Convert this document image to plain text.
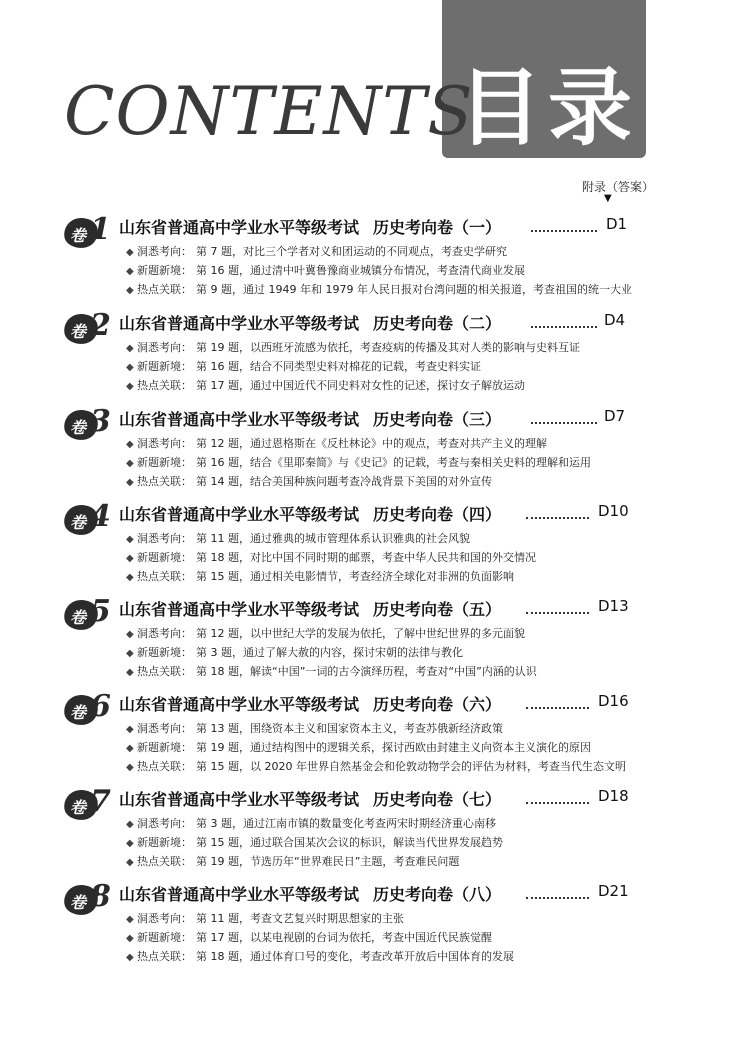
目录
CONTENTS
附录（答案）
▼
卷 1 山东省普通高中学业水平等级考试 历史考向卷（一）	D1
◆ 洞悉考向： 第 7 题，对比三个学者对义和团运动的不同观点，考查史学研究
◆ 新题新境： 第 16 题，通过清中叶冀鲁豫商业城镇分布情况，考查清代商业发展
◆ 热点关联： 第 9 题，通过 1949 年和 1979 年人民日报对台湾问题的相关报道，考查祖国的统一大业
卷 2 山东省普通高中学业水平等级考试 历史考向卷（二）	D4
◆ 洞悉考向： 第 19 题，以西班牙流感为依托，考查疫病的传播及其对人类的影响与史料互证
◆ 新题新境： 第 16 题，结合不同类型史料对棉花的记载，考查史料实证
◆ 热点关联： 第 17 题，通过中国近代不同史料对女性的记述，探讨女子解放运动
卷 3 山东省普通高中学业水平等级考试 历史考向卷（三）	D7
◆ 洞悉考向： 第 12 题，通过恩格斯在《反杜林论》中的观点，考查对共产主义的理解
◆ 新题新境： 第 16 题，结合《里耶秦简》与《史记》的记载，考查与秦相关史料的理解和运用
◆ 热点关联： 第 14 题，结合美国种族问题考查冷战背景下美国的对外宣传
卷 4 山东省普通高中学业水平等级考试 历史考向卷（四）	D10
◆ 洞悉考向： 第 11 题，通过雅典的城市管理体系认识雅典的社会风貌
◆ 新题新境： 第 18 题，对比中国不同时期的邮票，考查中华人民共和国的外交情况
◆ 热点关联： 第 15 题，通过相关电影情节，考查经济全球化对非洲的负面影响
卷 5 山东省普通高中学业水平等级考试 历史考向卷（五）	D13
◆ 洞悉考向： 第 12 题，以中世纪大学的发展为依托，了解中世纪世界的多元面貌
◆ 新题新境： 第 3 题，通过了解大赦的内容，探讨宋朝的法律与教化
◆ 热点关联： 第 18 题，解读“中国”一词的古今演绎历程，考查对“中国”内涵的认识
卷 6 山东省普通高中学业水平等级考试 历史考向卷（六）	D16
◆ 洞悉考向： 第 13 题，围绕资本主义和国家资本主义，考查苏俄新经济政策
◆ 新题新境： 第 19 题，通过结构图中的逻辑关系，探讨西欧由封建主义向资本主义演化的原因
◆ 热点关联： 第 15 题，以 2020 年世界自然基金会和伦敦动物学会的评估为材料，考查当代生态文明
卷 7 山东省普通高中学业水平等级考试 历史考向卷（七）	D18
◆ 洞悉考向： 第 3 题，通过江南市镇的数量变化考查两宋时期经济重心南移
◆ 新题新境： 第 15 题，通过联合国某次会议的标识，解读当代世界发展趋势
◆ 热点关联： 第 19 题，节选历年“世界难民日”主题，考查难民问题
卷 8 山东省普通高中学业水平等级考试 历史考向卷（八）	D21
◆ 洞悉考向： 第 11 题，考查文艺复兴时期思想家的主张
◆ 新题新境： 第 17 题，以某电视剧的台词为依托，考查中国近代民族觉醒
◆ 热点关联： 第 18 题，通过体育口号的变化，考查改革开放后中国体育的发展
